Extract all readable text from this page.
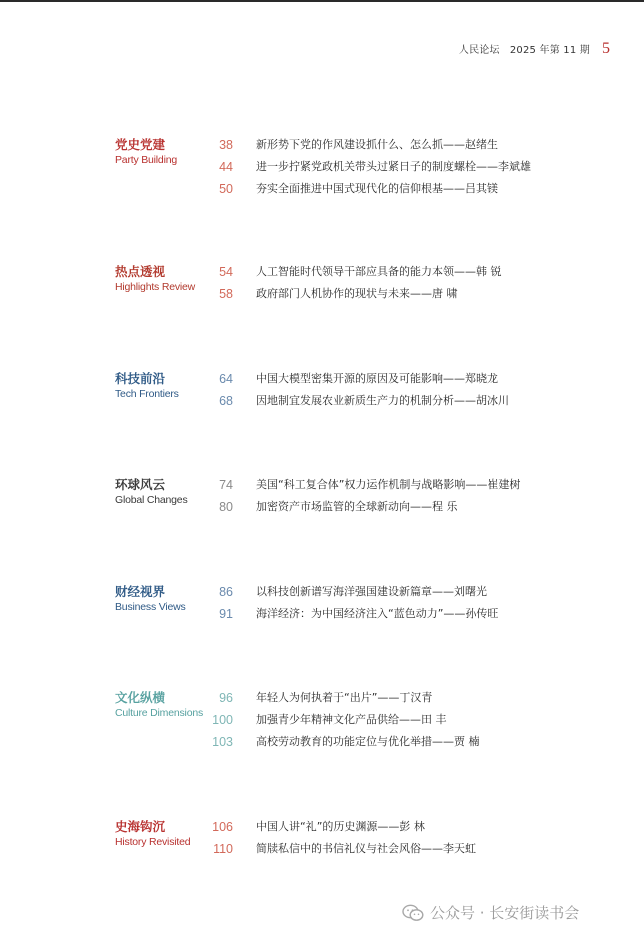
人民论坛　2025 年第 11 期 5
党史党建
Party Building
38 新形势下党的作风建设抓什么、怎么抓——赵绪生
44 进一步拧紧党政机关带头过紧日子的制度螺栓——李斌雄
50 夯实全面推进中国式现代化的信仰根基——吕其镁
热点透视
Highlights Review
54 人工智能时代领导干部应具备的能力本领——韩 锐
58 政府部门人机协作的现状与未来——唐 啸
科技前沿
Tech Frontiers
64 中国大模型密集开源的原因及可能影响——郑晓龙
68 因地制宜发展农业新质生产力的机制分析——胡冰川
环球风云
Global Changes
74 美国“科工复合体”权力运作机制与战略影响——崔建树
80 加密资产市场监管的全球新动向——程 乐
财经视界
Business Views
86 以科技创新谱写海洋强国建设新篇章——刘曙光
91 海洋经济：为中国经济注入“蓝色动力”——孙传旺
文化纵横
Culture Dimensions
96 年轻人为何执着于“出片”——丁汉青
100 加强青少年精神文化产品供给——田 丰
103 高校劳动教育的功能定位与优化举措——贾 楠
史海钩沉
History Revisited
106 中国人讲“礼”的历史渊源——彭 林
110 简牍私信中的书信礼仪与社会风俗——李天虹
公众号 · 长安街读书会
